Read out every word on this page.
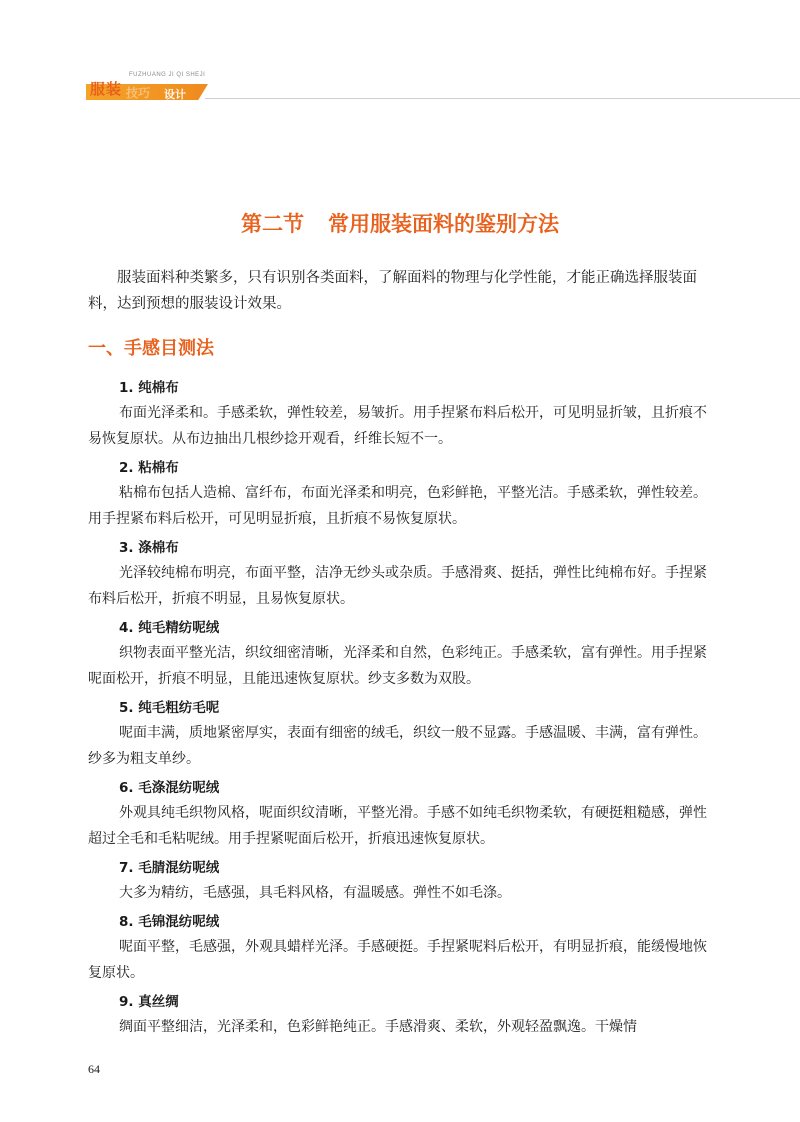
FUZHUANG JI QI SHEJI
服装 技巧 设计
第二节 常用服装面料的鉴别方法
服装面料种类繁多，只有识别各类面料，了解面料的物理与化学性能，才能正确选择服装面料，达到预想的服装设计效果。
一、手感目测法
1. 纯棉布
布面光泽柔和。手感柔软，弹性较差，易皱折。用手捏紧布料后松开，可见明显折皱，且折痕不易恢复原状。从布边抽出几根纱捻开观看，纤维长短不一。
2. 粘棉布
粘棉布包括人造棉、富纤布，布面光泽柔和明亮，色彩鲜艳，平整光洁。手感柔软，弹性较差。用手捏紧布料后松开，可见明显折痕，且折痕不易恢复原状。
3. 涤棉布
光泽较纯棉布明亮，布面平整，洁净无纱头或杂质。手感滑爽、挺括，弹性比纯棉布好。手捏紧布料后松开，折痕不明显，且易恢复原状。
4. 纯毛精纺呢绒
织物表面平整光洁，织纹细密清晰，光泽柔和自然，色彩纯正。手感柔软，富有弹性。用手捏紧呢面松开，折痕不明显，且能迅速恢复原状。纱支多数为双股。
5. 纯毛粗纺毛呢
呢面丰满，质地紧密厚实，表面有细密的绒毛，织纹一般不显露。手感温暖、丰满，富有弹性。纱多为粗支单纱。
6. 毛涤混纺呢绒
外观具纯毛织物风格，呢面织纹清晰，平整光滑。手感不如纯毛织物柔软，有硬挺粗糙感，弹性超过全毛和毛粘呢绒。用手捏紧呢面后松开，折痕迅速恢复原状。
7. 毛腈混纺呢绒
大多为精纺，毛感强，具毛料风格，有温暖感。弹性不如毛涤。
8. 毛锦混纺呢绒
呢面平整，毛感强，外观具蜡样光泽。手感硬挺。手捏紧呢料后松开，有明显折痕，能缓慢地恢复原状。
9. 真丝绸
绸面平整细洁，光泽柔和，色彩鲜艳纯正。手感滑爽、柔软，外观轻盈飘逸。干燥情
64
